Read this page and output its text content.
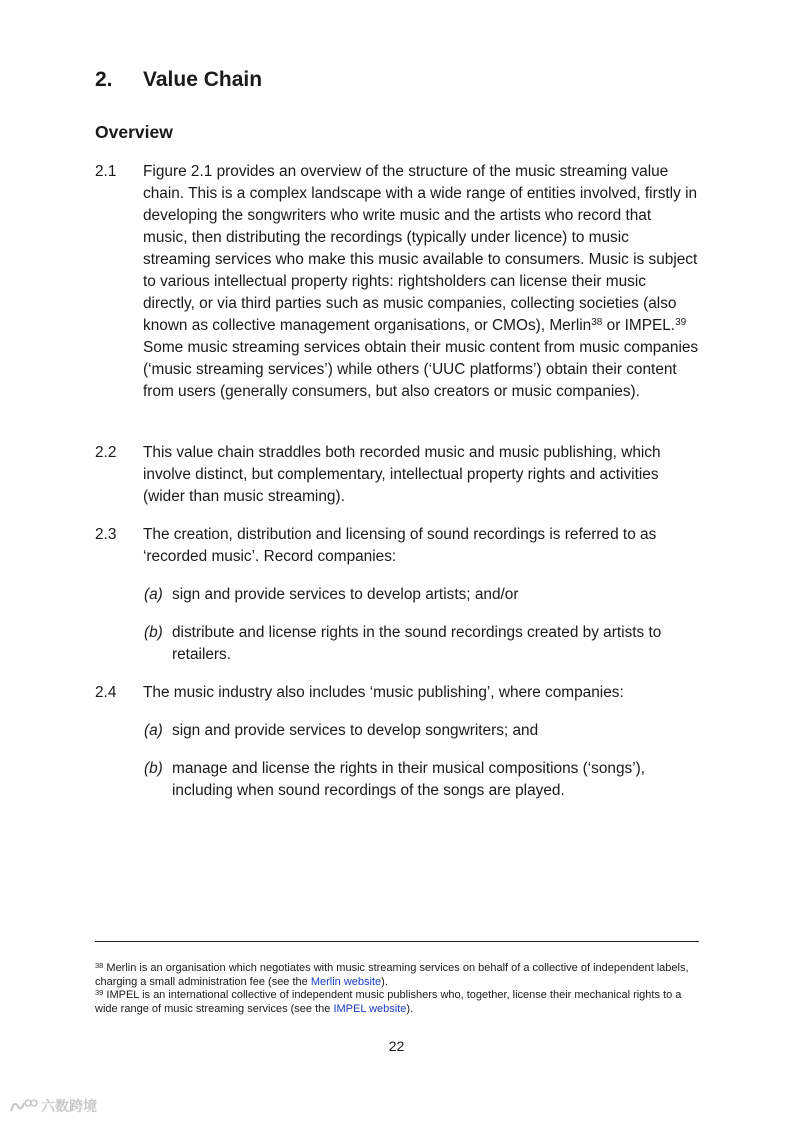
2. Value Chain
Overview
2.1 Figure 2.1 provides an overview of the structure of the music streaming value chain. This is a complex landscape with a wide range of entities involved, firstly in developing the songwriters who write music and the artists who record that music, then distributing the recordings (typically under licence) to music streaming services who make this music available to consumers. Music is subject to various intellectual property rights: rightsholders can license their music directly, or via third parties such as music companies, collecting societies (also known as collective management organisations, or CMOs), Merlin$^{38}$ or IMPEL.$^{39}$ Some music streaming services obtain their music content from music companies (‘music streaming services’) while others (‘UUC platforms’) obtain their content from users (generally consumers, but also creators or music companies).
2.2 This value chain straddles both recorded music and music publishing, which involve distinct, but complementary, intellectual property rights and activities (wider than music streaming).
2.3 The creation, distribution and licensing of sound recordings is referred to as ‘recorded music’. Record companies:
(a) sign and provide services to develop artists; and/or
(b) distribute and license rights in the sound recordings created by artists to retailers.
2.4 The music industry also includes ‘music publishing’, where companies:
(a) sign and provide services to develop songwriters; and
(b) manage and license the rights in their musical compositions (‘songs’), including when sound recordings of the songs are played.
$^{38}$ Merlin is an organisation which negotiates with music streaming services on behalf of a collective of independent labels, charging a small administration fee (see the Merlin website).
$^{39}$ IMPEL is an international collective of independent music publishers who, together, license their mechanical rights to a wide range of music streaming services (see the IMPEL website).
22
六数跨境
